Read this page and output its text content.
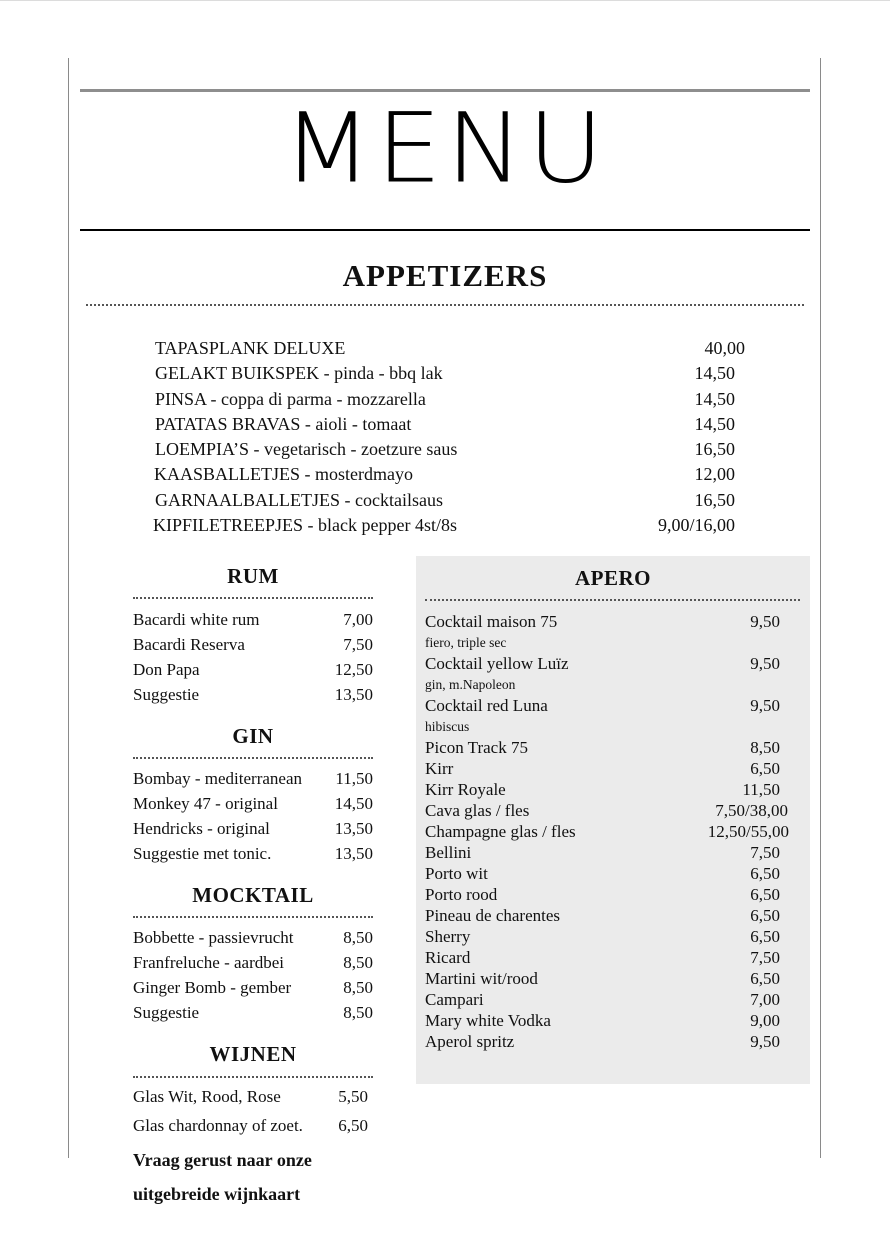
MENU
APPETIZERS
TAPASPLANK DELUXE	40,00
GELAKT BUIKSPEK - pinda - bbq lak	14,50
PINSA - coppa di parma - mozzarella	14,50
PATATAS BRAVAS - aioli - tomaat	14,50
LOEMPIA’S - vegetarisch - zoetzure saus	16,50
KAASBALLETJES - mosterdmayo	12,00
GARNAALBALLETJES - cocktailsaus	16,50
KIPFILETREEPJES - black pepper 4st/8s	9,00/16,00
RUM
Bacardi white rum	7,00
Bacardi Reserva	7,50
Don Papa	12,50
Suggestie	13,50
GIN
Bombay - mediterranean 11,50
Monkey 47 - original	14,50
Hendricks - original	13,50
Suggestie met tonic.	13,50
MOCKTAIL
Bobbette - passievrucht	8,50
Franfreluche - aardbei	8,50
Ginger Bomb - gember	8,50
Suggestie	8,50
WIJNEN
Glas Wit, Rood, Rose	5,50
Glas chardonnay of zoet. 6,50
Vraag gerust naar onze
uitgebreide wijnkaart
APERO
Cocktail maison 75	9,50
fiero, triple sec
Cocktail yellow Luïz	9,50
gin, m.Napoleon
Cocktail red Luna	9,50
hibiscus
Picon Track 75	8,50
Kirr	6,50
Kirr Royale	11,50
Cava glas / fles	7,50/38,00
Champagne glas / fles	12,50/55,00
Bellini	7,50
Porto wit	6,50
Porto rood	6,50
Pineau de charentes	6,50
Sherry	6,50
Ricard	7,50
Martini wit/rood	6,50
Campari	7,00
Mary white Vodka	9,00
Aperol spritz	9,50
